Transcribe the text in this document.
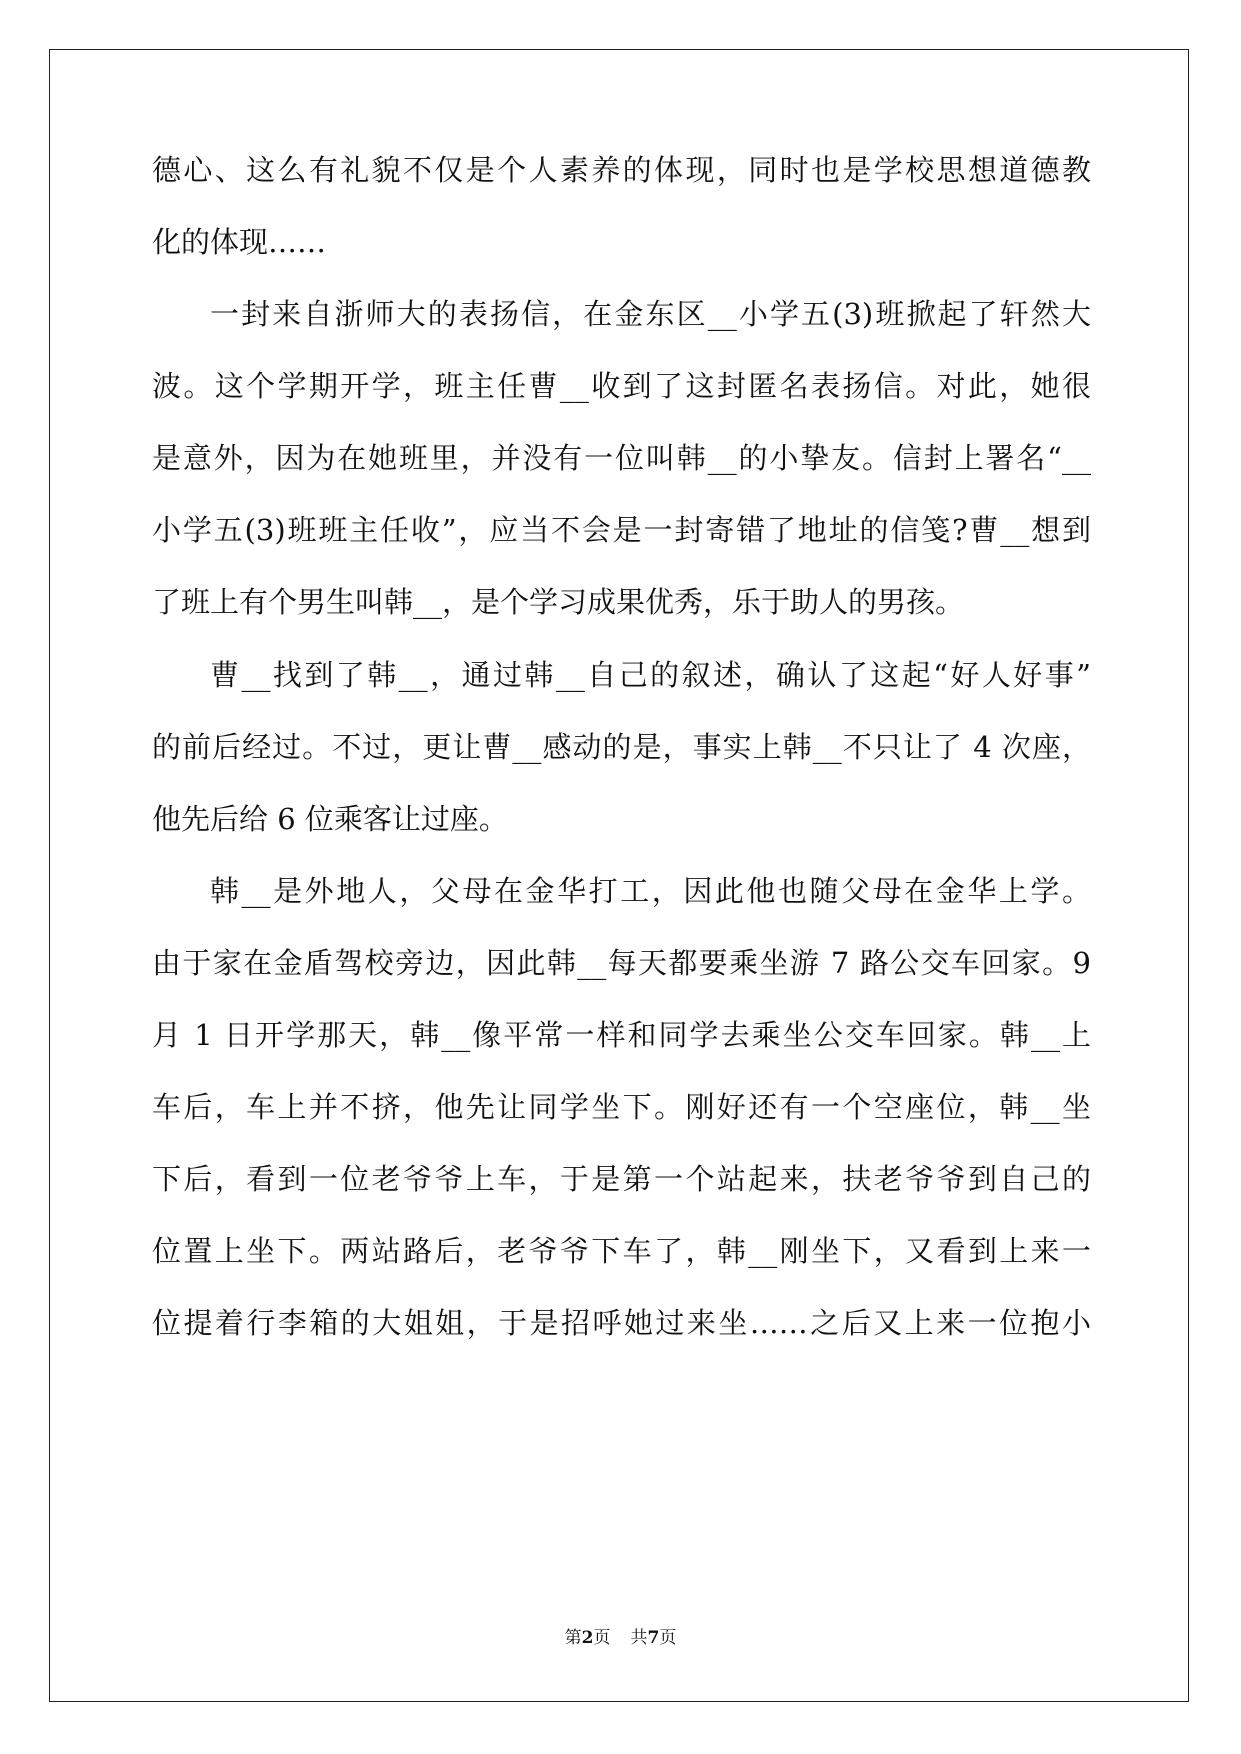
德心、这么有礼貌不仅是个人素养的体现，同时也是学校思想道德教
化的体现……
一封来自浙师大的表扬信，在金东区__小学五(3)班掀起了轩然大
波。这个学期开学，班主任曹__收到了这封匿名表扬信。对此，她很
是意外，因为在她班里，并没有一位叫韩__的小挚友。信封上署名“__
小学五(3)班班主任收”，应当不会是一封寄错了地址的信笺?曹__想到
了班上有个男生叫韩__，是个学习成果优秀，乐于助人的男孩。
曹__找到了韩__，通过韩__自己的叙述，确认了这起“好人好事”
的前后经过。不过，更让曹__感动的是，事实上韩__不只让了 4 次座，
他先后给 6 位乘客让过座。
韩__是外地人，父母在金华打工，因此他也随父母在金华上学。
由于家在金盾驾校旁边，因此韩__每天都要乘坐游 7 路公交车回家。9
月 1 日开学那天，韩__像平常一样和同学去乘坐公交车回家。韩__上
车后，车上并不挤，他先让同学坐下。刚好还有一个空座位，韩__坐
下后，看到一位老爷爷上车，于是第一个站起来，扶老爷爷到自己的
位置上坐下。两站路后，老爷爷下车了，韩__刚坐下，又看到上来一
位提着行李箱的大姐姐，于是招呼她过来坐……之后又上来一位抱小
第2页 共7页
